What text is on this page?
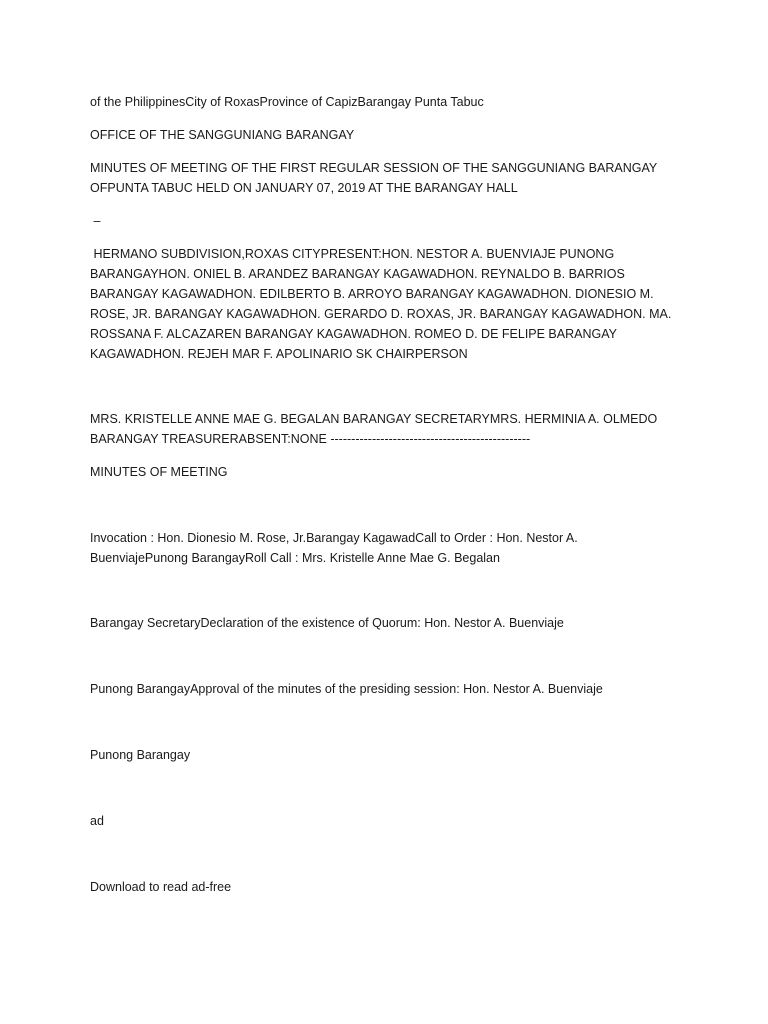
of the PhilippinesCity of RoxasProvince of CapizBarangay Punta Tabuc

OFFICE OF THE SANGGUNIANG BARANGAY

MINUTES OF MEETING OF THE FIRST REGULAR SESSION OF THE SANGGUNIANG BARANGAY OFPUNTA TABUC HELD ON JANUARY 07, 2019 AT THE BARANGAY HALL

–

HERMANO SUBDIVISION,ROXAS CITYPRESENT:HON. NESTOR A. BUENVIAJE PUNONG BARANGAYHON. ONIEL B. ARANDEZ BARANGAY KAGAWADHON. REYNALDO B. BARRIOS BARANGAY KAGAWADHON. EDILBERTO B. ARROYO BARANGAY KAGAWADHON. DIONESIO M. ROSE, JR. BARANGAY KAGAWADHON. GERARDO D. ROXAS, JR. BARANGAY KAGAWADHON. MA. ROSSANA F. ALCAZAREN BARANGAY KAGAWADHON. ROMEO D. DE FELIPE BARANGAY KAGAWADHON. REJEH MAR F. APOLINARIO SK CHAIRPERSON

MRS. KRISTELLE ANNE MAE G. BEGALAN BARANGAY SECRETARYMRS. HERMINIA A. OLMEDO BARANGAY TREASURERABSENT:NONE ------------------------------------------------

MINUTES OF MEETING

Invocation : Hon. Dionesio M. Rose, Jr.Barangay KagawadCall to Order : Hon. Nestor A. BuenviajePunong BarangayRoll Call : Mrs. Kristelle Anne Mae G. Begalan

Barangay SecretaryDeclaration of the existence of Quorum: Hon. Nestor A. Buenviaje

Punong BarangayApproval of the minutes of the presiding session: Hon. Nestor A. Buenviaje

Punong Barangay

ad

Download to read ad-free
